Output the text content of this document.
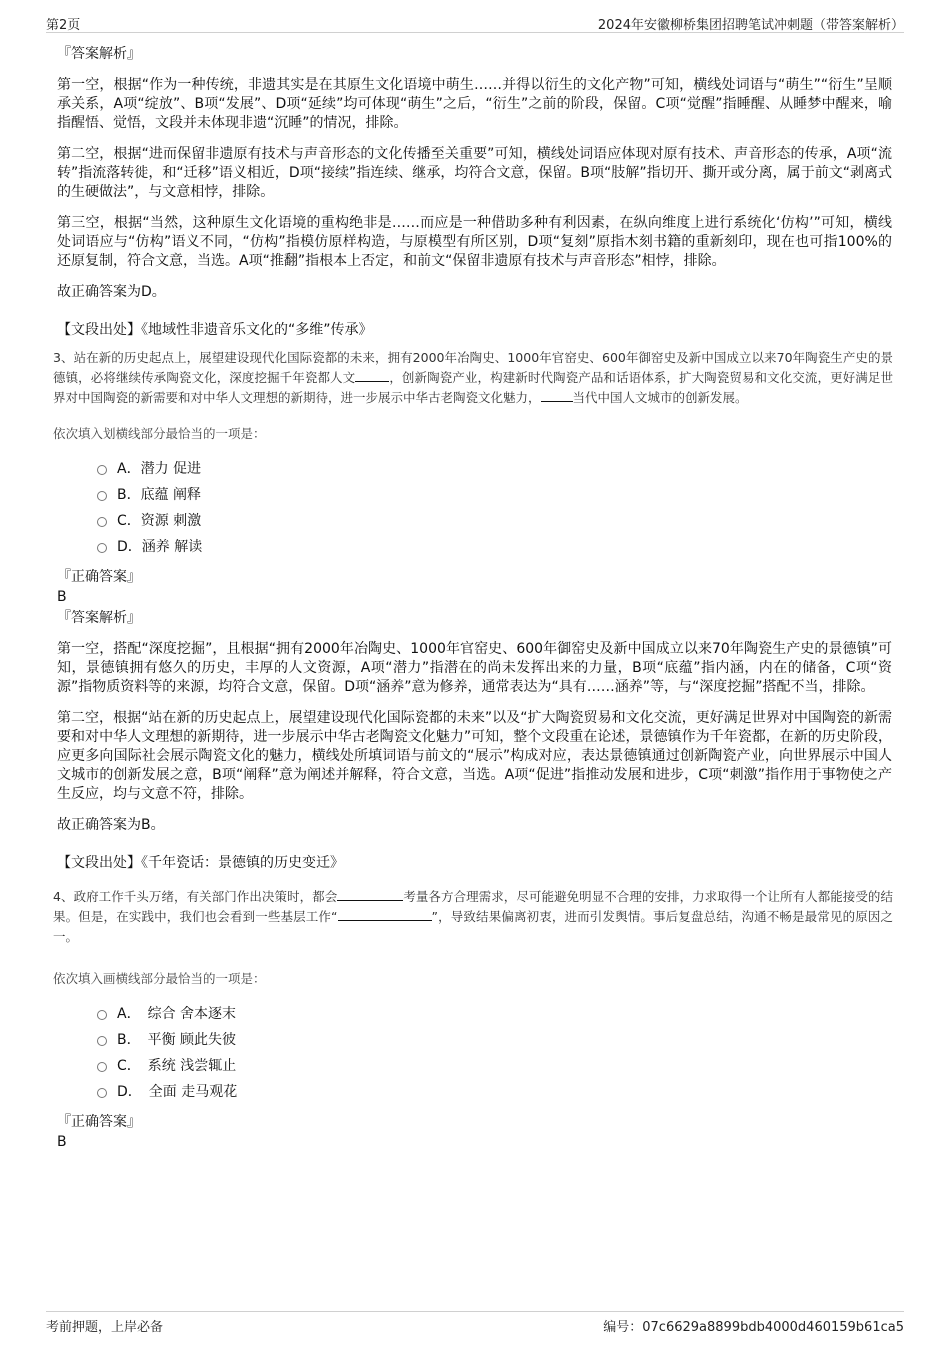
第2页	2024年安徽柳桥集团招聘笔试冲刺题（带答案解析）
『答案解析』

第一空，根据“作为一种传统，非遗其实是在其原生文化语境中萌生……并得以衍生的文化产物”可知，横线处词语与“萌生”“衍生”呈顺承关系，A项“绽放”、B项“发展”、D项“延续”均可体现“萌生”之后，“衍生”之前的阶段，保留。C项“觉醒”指睡醒、从睡梦中醒来，喻指醒悟、觉悟，文段并未体现非遗“沉睡”的情况，排除。

第二空，根据“进而保留非遗原有技术与声音形态的文化传播至关重要”可知，横线处词语应体现对原有技术、声音形态的传承，A项“流转”指流落转徙，和“迁移”语义相近，D项“接续”指连续、继承，均符合文意，保留。B项“肢解”指切开、撕开或分离，属于前文“剥离式的生硬做法”，与文意相悖，排除。

第三空，根据“当然，这种原生文化语境的重构绝非是……而应是一种借助多种有利因素，在纵向维度上进行系统化‘仿构’”可知，横线处词语应与“仿构”语义不同，“仿构”指模仿原样构造，与原模型有所区别，D项“复刻”原指木刻书籍的重新刻印，现在也可指100%的还原复制，符合文意，当选。A项“推翻”指根本上否定，和前文“保留非遗原有技术与声音形态”相悖，排除。

故正确答案为D。

【文段出处】《地域性非遗音乐文化的“多维”传承》
3、站在新的历史起点上，展望建设现代化国际瓷都的未来，拥有2000年冶陶史、1000年官窑史、600年御窑史及新中国成立以来70年陶瓷生产史的景德镇，必将继续传承陶瓷文化，深度挖掘千年瓷都人文	，创新陶瓷产业，构建新时代陶瓷产品和话语体系，扩大陶瓷贸易和文化交流，更好满足世界对中国陶瓷的新需要和对中华人文理想的新期待，进一步展示中华古老陶瓷文化魅力，	当代中国人文城市的创新发展。
依次填入划横线部分最恰当的一项是：
A．潜力 促进
B．底蕴 阐释
C．资源 刺激
D．涵养 解读
『正确答案』
B
『答案解析』

第一空，搭配“深度挖掘”，且根据“拥有2000年冶陶史、1000年官窑史、600年御窑史及新中国成立以来70年陶瓷生产史的景德镇”可知，景德镇拥有悠久的历史，丰厚的人文资源，A项“潜力”指潜在的尚未发挥出来的力量，B项“底蕴”指内涵，内在的储备，C项“资源”指物质资料等的来源，均符合文意，保留。D项“涵养”意为修养，通常表达为“具有……涵养”等，与“深度挖掘”搭配不当，排除。

第二空，根据“站在新的历史起点上，展望建设现代化国际瓷都的未来”以及“扩大陶瓷贸易和文化交流，更好满足世界对中国陶瓷的新需要和对中华人文理想的新期待，进一步展示中华古老陶瓷文化魅力”可知，整个文段重在论述，景德镇作为千年瓷都，在新的历史阶段，应更多向国际社会展示陶瓷文化的魅力，横线处所填词语与前文的“展示”构成对应，表达景德镇通过创新陶瓷产业，向世界展示中国人文城市的创新发展之意，B项“阐释”意为阐述并解释，符合文意，当选。A项“促进”指推动发展和进步，C项“刺激”指作用于事物使之产生反应，均与文意不符，排除。

故正确答案为B。

【文段出处】《千年瓷话：景德镇的历史变迁》
4、政府工作千头万绪，有关部门作出决策时，都会	考量各方合理需求，尽可能避免明显不合理的安排，力求取得一个让所有人都能接受的结果。但是，在实践中，我们也会看到一些基层工作“	”，导致结果偏离初衷，进而引发舆情。事后复盘总结，沟通不畅是最常见的原因之一。
依次填入画横线部分最恰当的一项是：
A．　综合 舍本逐末
B．　平衡 顾此失彼
C．　系统 浅尝辄止
D．　全面 走马观花
『正确答案』
B
考前押题，上岸必备	编号：07c6629a8899bdb4000d460159b61ca5
